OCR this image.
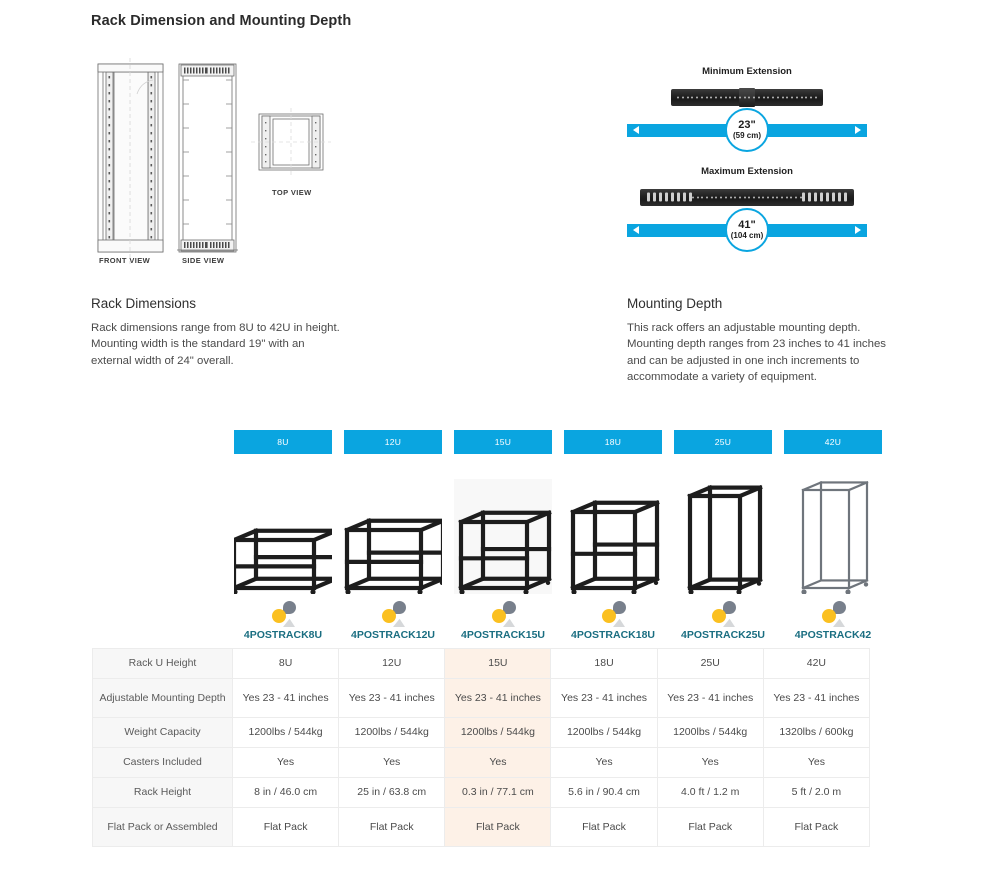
Rack Dimension and Mounting Depth
FRONT VIEW	SIDE VIEW
TOP VIEW
Minimum Extension
23"
(59 cm)
Maximum Extension
41"
(104 cm)
Rack Dimensions

Rack dimensions range from 8U to 42U in height. Mounting width is the standard 19" with an external width of 24" overall.

Mounting Depth

This rack offers an adjustable mounting depth. Mounting depth ranges from 23 inches to 41 inches and can be adjusted in one inch increments to accommodate a variety of equipment.

8U
4POSTRACK8U
12U
4POSTRACK12U
15U
4POSTRACK15U
18U
4POSTRACK18U
25U
4POSTRACK25U
42U
4POSTRACK42
Rack U Height	8U	12U	15U	18U	25U	42U
Adjustable Mounting Depth	Yes 23 - 41 inches	Yes 23 - 41 inches	Yes 23 - 41 inches	Yes 23 - 41 inches	Yes 23 - 41 inches	Yes 23 - 41 inches
Weight Capacity	1200lbs / 544kg	1200lbs / 544kg	1200lbs / 544kg	1200lbs / 544kg	1200lbs / 544kg	1320lbs / 600kg
Casters Included	Yes	Yes	Yes	Yes	Yes	Yes
Rack Height	8 in / 46.0 cm	25 in / 63.8 cm	0.3 in / 77.1 cm	5.6 in / 90.4 cm	4.0 ft / 1.2 m	5 ft / 2.0 m
Flat Pack or Assembled	Flat Pack	Flat Pack	Flat Pack	Flat Pack	Flat Pack	Flat Pack
